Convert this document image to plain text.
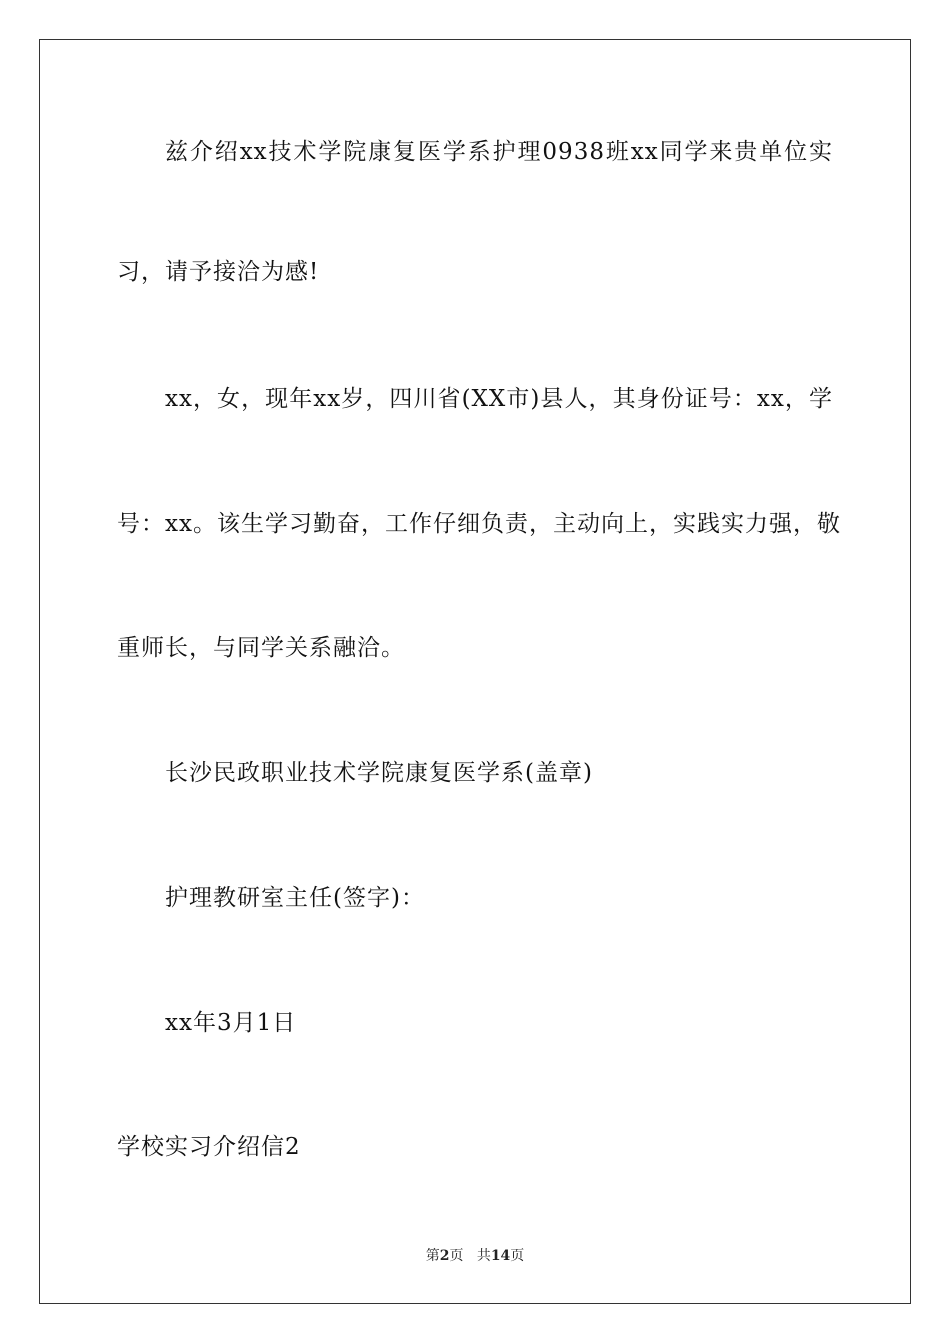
兹介绍xx技术学院康复医学系护理0938班xx同学来贵单位实
习，请予接洽为感!
xx，女，现年xx岁，四川省(XX市)县人，其身份证号：xx，学
号：xx。该生学习勤奋，工作仔细负责，主动向上，实践实力强，敬
重师长，与同学关系融洽。
长沙民政职业技术学院康复医学系(盖章)
护理教研室主任(签字)：
xx年3月1日
学校实习介绍信2
第2页 共14页
